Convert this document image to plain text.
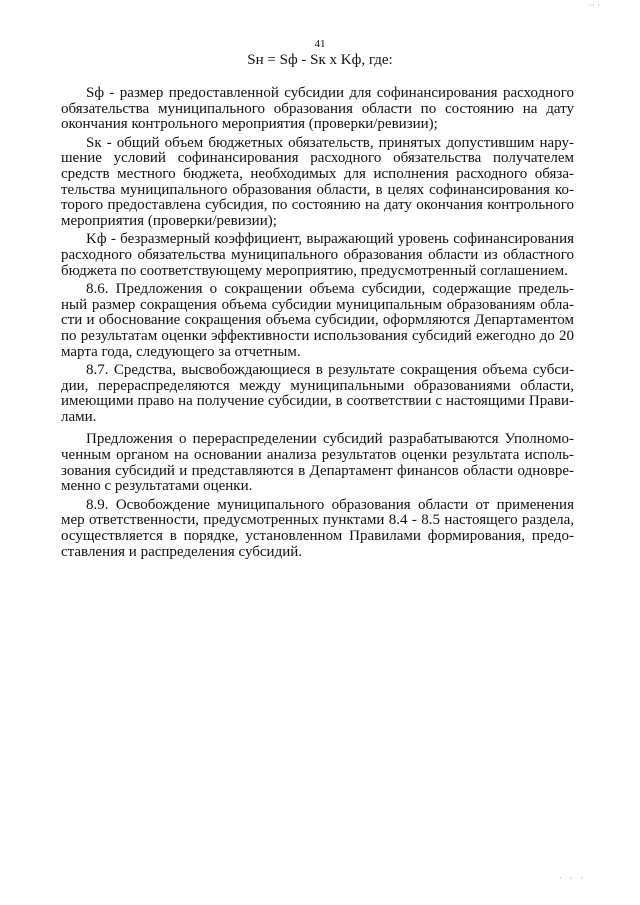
·· ·
41
Sн = Sф - Sк x Kф, где:
Sф - размер предоставленной субсидии для софинансирования расходного
обязательства муниципального образования области по состоянию на дату
окончания контрольного мероприятия (проверки/ревизии);
Sк - общий объем бюджетных обязательств, принятых допустившим нару-
шение условий софинансирования расходного обязательства получателем
средств местного бюджета, необходимых для исполнения расходного обяза-
тельства муниципального образования области, в целях софинансирования ко-
торого предоставлена субсидия, по состоянию на дату окончания контрольного
мероприятия (проверки/ревизии);
Kф - безразмерный коэффициент, выражающий уровень софинансирования
расходного обязательства муниципального образования области из областного
бюджета по соответствующему мероприятию, предусмотренный соглашением.
8.6. Предложения о сокращении объема субсидии, содержащие предель-
ный размер сокращения объема субсидии муниципальным образованиям обла-
сти и обоснование сокращения объема субсидии, оформляются Департаментом
по результатам оценки эффективности использования субсидий ежегодно до 20
марта года, следующего за отчетным.
8.7. Средства, высвобождающиеся в результате сокращения объема субси-
дии, перераспределяются между муниципальными образованиями области,
имеющими право на получение субсидии, в соответствии с настоящими Прави-
лами.
Предложения о перераспределении субсидий разрабатываются Уполномо-
ченным органом на основании анализа результатов оценки результата исполь-
зования субсидий и представляются в Департамент финансов области одновре-
менно с результатами оценки.
8.9. Освобождение муниципального образования области от применения
мер ответственности, предусмотренных пунктами 8.4 - 8.5 настоящего раздела,
осуществляется в порядке, установленном Правилами формирования, предо-
ставления и распределения субсидий.
· · ·
